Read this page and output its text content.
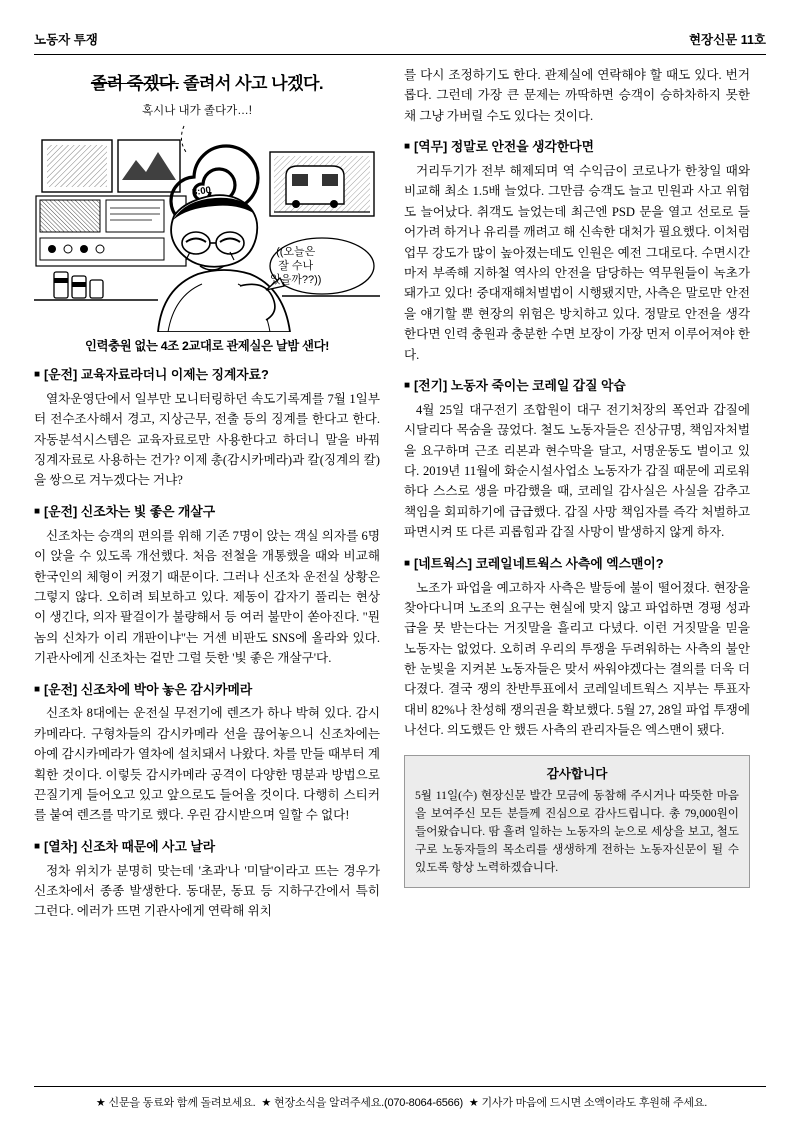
노동자 투쟁	현장신문 11호
졸려 죽겠다. 졸려서 사고 나겠다.
혹시나 내가 졸다가…!
3:00
((오늘은
잘 수나
있을까??))
인력충원 없는 4조 2교대로 관제실은 날밤 샌다!
■ [운전] 교육자료라더니 이제는 징계자료?

열차운영단에서 일부만 모니터링하던 속도기록계를 7월 1일부터 전수조사해서 경고, 지상근무, 전출 등의 징계를 한다고 한다. 자동분석시스템은 교육자료로만 사용한다고 하더니 말을 바꿔 징계자료로 사용하는 건가? 이제 총(감시카메라)과 칼(징계의 칼)을 쌍으로 겨누겠다는 거냐?

■ [운전] 신조차는 빛 좋은 개살구

신조차는 승객의 편의를 위해 기존 7명이 앉는 객실 의자를 6명이 앉을 수 있도록 개선했다. 처음 전철을 개통했을 때와 비교해 한국인의 체형이 커졌기 때문이다. 그러나 신조차 운전실 상황은 그렇지 않다. 오히려 퇴보하고 있다. 제동이 갑자기 풀리는 현상이 생긴다, 의자 팔걸이가 불량해서 등 여러 불만이 쏟아진다. "뭔놈의 신차가 이리 개판이냐"는 거센 비판도 SNS에 올라와 있다. 기관사에게 신조차는 겉만 그럴 듯한 '빛 좋은 개살구'다.

■ [운전] 신조차에 박아 놓은 감시카메라

신조차 8대에는 운전실 무전기에 렌즈가 하나 박혀 있다. 감시카메라다. 구형차들의 감시카메라 선을 끊어놓으니 신조차에는 아예 감시카메라가 열차에 설치돼서 나왔다. 차를 만들 때부터 계획한 것이다. 이렇듯 감시카메라 공격이 다양한 명분과 방법으로 끈질기게 들어오고 있고 앞으로도 들어올 것이다. 다행히 스티커를 붙여 렌즈를 막기로 했다. 우린 감시받으며 일할 수 없다!

■ [열차] 신조차 때문에 사고 날라

정차 위치가 분명히 맞는데 '초과'나 '미달'이라고 뜨는 경우가 신조차에서 종종 발생한다. 동대문, 동묘 등 지하구간에서 특히 그런다. 에러가 뜨면 기관사에게 연락해 위치

를 다시 조정하기도 한다. 관제실에 연락해야 할 때도 있다. 번거롭다. 그런데 가장 큰 문제는 까딱하면 승객이 승하차하지 못한 채 그냥 가버릴 수도 있다는 것이다.

■ [역무] 정말로 안전을 생각한다면

거리두기가 전부 해제되며 역 수익금이 코로나가 한창일 때와 비교해 최소 1.5배 늘었다. 그만큼 승객도 늘고 민원과 사고 위험도 늘어났다. 취객도 늘었는데 최근엔 PSD 문을 열고 선로로 들어가려 하거나 유리를 깨려고 해 신속한 대처가 필요했다. 이처럼 업무 강도가 많이 높아졌는데도 인원은 예전 그대로다. 수면시간마저 부족해 지하철 역사의 안전을 담당하는 역무원들이 녹초가 돼가고 있다! 중대재해처벌법이 시행됐지만, 사측은 말로만 안전을 얘기할 뿐 현장의 위험은 방치하고 있다. 정말로 안전을 생각한다면 인력 충원과 충분한 수면 보장이 가장 먼저 이루어져야 한다.

■ [전기] 노동자 죽이는 코레일 갑질 악습

4월 25일 대구전기 조합원이 대구 전기처장의 폭언과 갑질에 시달리다 목숨을 끊었다. 철도 노동자들은 진상규명, 책임자처벌을 요구하며 근조 리본과 현수막을 달고, 서명운동도 벌이고 있다. 2019년 11월에 화순시설사업소 노동자가 갑질 때문에 괴로워하다 스스로 생을 마감했을 때, 코레일 감사실은 사실을 감추고 책임을 회피하기에 급급했다. 갑질 사망 책임자를 즉각 처벌하고 파면시켜 또 다른 괴롭힘과 갑질 사망이 발생하지 않게 하자.

■ [네트웍스] 코레일네트웍스 사측에 엑스맨이?

노조가 파업을 예고하자 사측은 발등에 불이 떨어졌다. 현장을 찾아다니며 노조의 요구는 현실에 맞지 않고 파업하면 경평 성과급을 못 받는다는 거짓말을 흘리고 다녔다. 이런 거짓말을 믿을 노동자는 없었다. 오히려 우리의 투쟁을 두려워하는 사측의 불안한 눈빛을 지켜본 노동자들은 맞서 싸워야겠다는 결의를 더욱 더 다졌다. 결국 쟁의 찬반투표에서 코레일네트웍스 지부는 투표자 대비 82%나 찬성해 쟁의권을 확보했다. 5월 27, 28일 파업 투쟁에 나선다. 의도했든 안 했든 사측의 관리자들은 엑스맨이 됐다.

감사합니다

5월 11일(수) 현장신문 발간 모금에 동참해 주시거나 따뜻한 마음을 보여주신 모든 분들께 진심으로 감사드립니다. 총 79,000원이 들어왔습니다. 땀 흘려 일하는 노동자의 눈으로 세상을 보고, 철도 구로 노동자들의 목소리를 생생하게 전하는 노동자신문이 될 수 있도록 항상 노력하겠습니다.

★ 신문을 동료와 함께 돌려보세요. ★ 현장소식을 알려주세요.(070-8064-6566) ★ 기사가 마음에 드시면 소액이라도 후원해 주세요.
